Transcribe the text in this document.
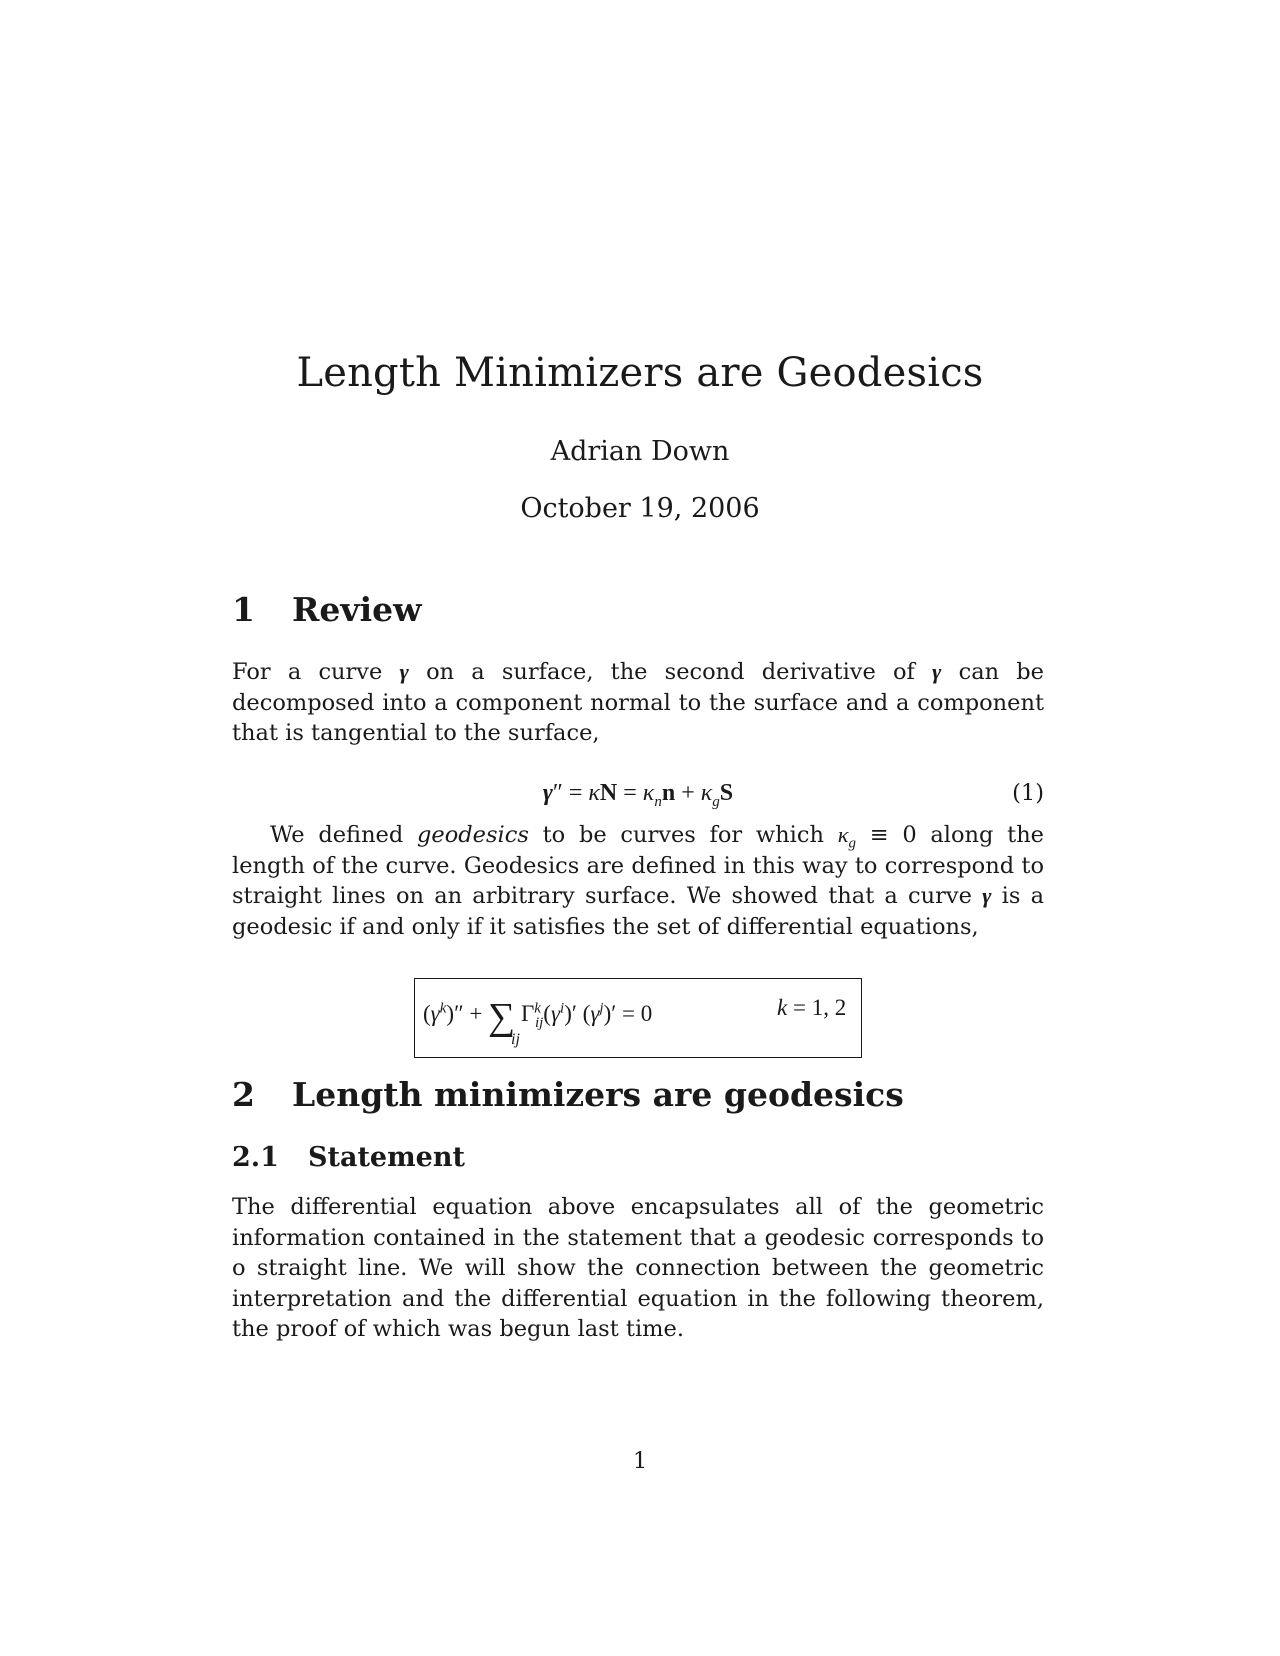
Length Minimizers are Geodesics
Adrian Down
October 19, 2006
1 Review
For a curve γ on a surface, the second derivative of γ can be decomposed into a component normal to the surface and a component that is tangential to the surface,
$\gamma'' = \kappa N = \kappa_nn + \kappa_gS$	(1)
We defined geodesics to be curves for which $\kappa_g \equiv 0$ along the length of the curve. Geodesics are defined in this way to correspond to straight lines on an arbitrary surface. We showed that a curve γ is a geodesic if and only if it satisfies the set of differential equations,
$(\gamma^k)''$ + ∑ $\Gamma^k_{ij}(\gamma^i)'$ $(\gamma^j)' = 0$
ij
k = 1, 2
2 Length minimizers are geodesics
2.1 Statement
The differential equation above encapsulates all of the geometric information contained in the statement that a geodesic corresponds to o straight line. We will show the connection between the geometric interpretation and the differential equation in the following theorem, the proof of which was begun last time.
1
